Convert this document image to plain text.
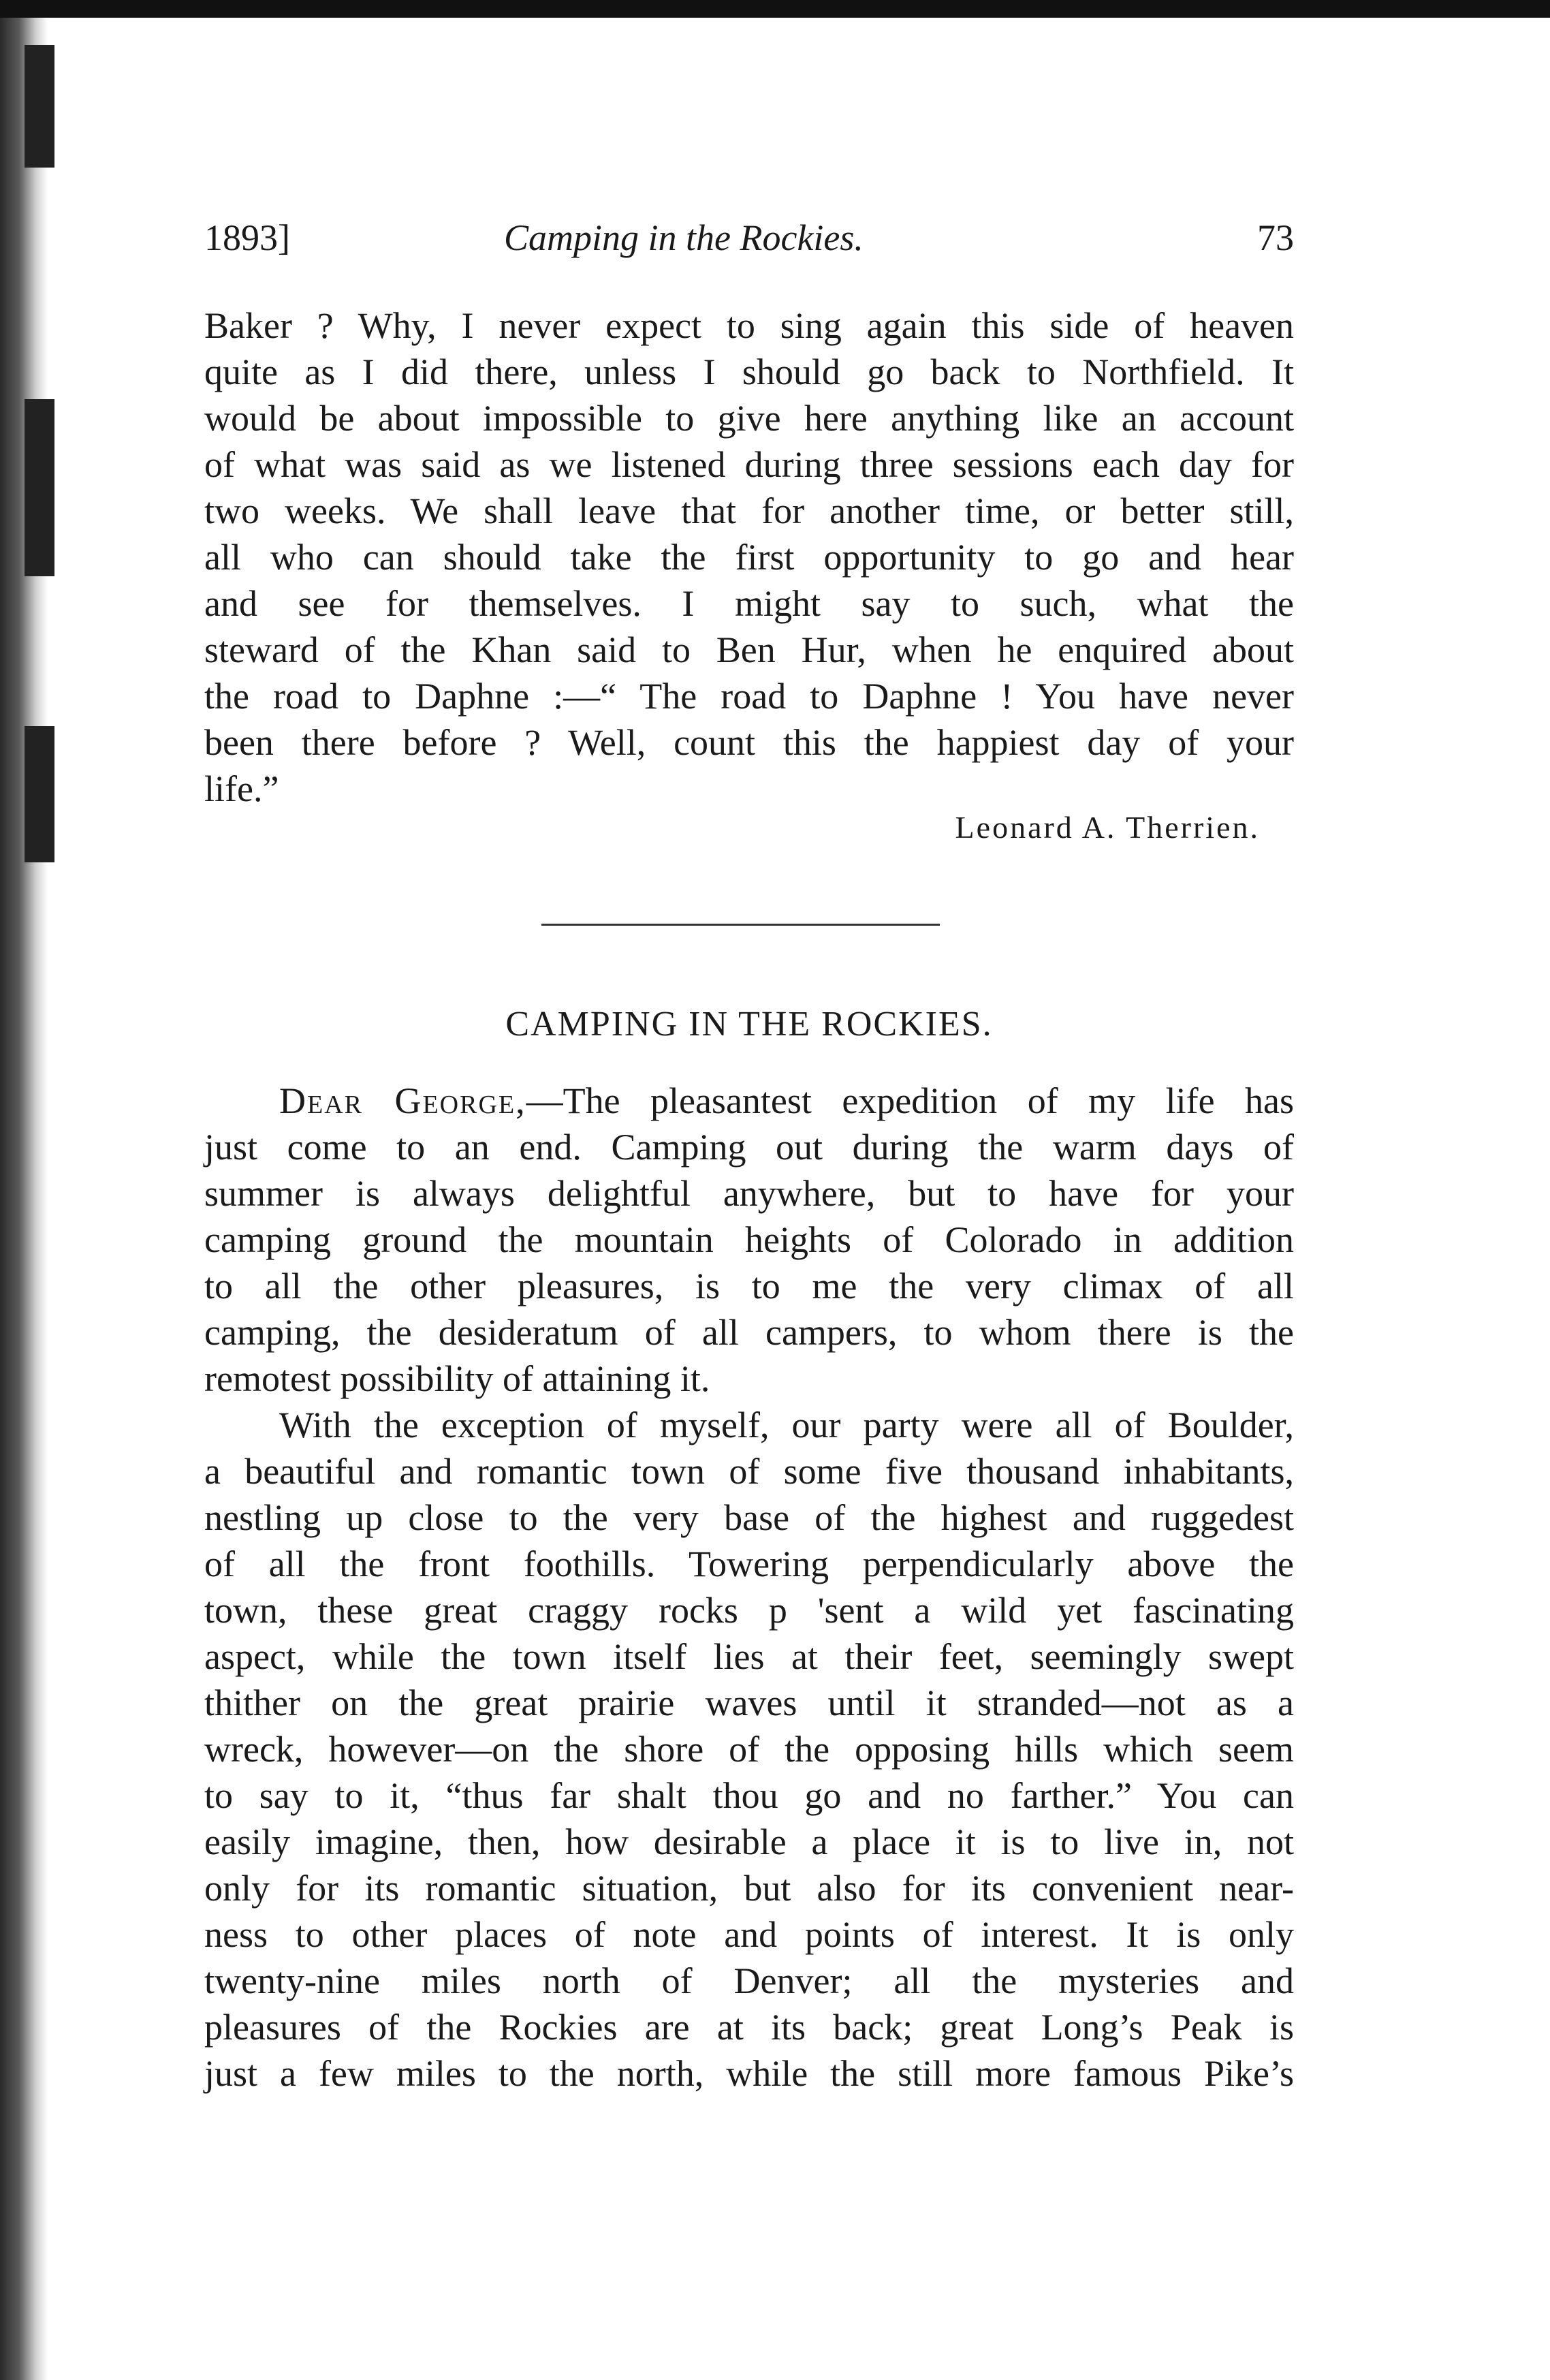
1893]	Camping in the Rockies.	73
Baker ? Why, I never expect to sing again this side of heaven
quite as I did there, unless I should go back to Northfield. It
would be about impossible to give here anything like an account
of what was said as we listened during three sessions each day for
two weeks. We shall leave that for another time, or better still,
all who can should take the first opportunity to go and hear
and see for themselves. I might say to such, what the
steward of the Khan said to Ben Hur, when he enquired about
the road to Daphne :—“ The road to Daphne ! You have never
been there before ? Well, count this the happiest day of your
life.”
Leonard A. Therrien.
CAMPING IN THE ROCKIES.
Dear George,—The pleasantest expedition of my life has
just come to an end. Camping out during the warm days of
summer is always delightful anywhere, but to have for your
camping ground the mountain heights of Colorado in addition
to all the other pleasures, is to me the very climax of all
camping, the desideratum of all campers, to whom there is the
remotest possibility of attaining it.
With the exception of myself, our party were all of Boulder,
a beautiful and romantic town of some five thousand inhabitants,
nestling up close to the very base of the highest and ruggedest
of all the front foothills. Towering perpendicularly above the
town, these great craggy rocks p 'sent a wild yet fascinating
aspect, while the town itself lies at their feet, seemingly swept
thither on the great prairie waves until it stranded—not as a
wreck, however—on the shore of the opposing hills which seem
to say to it, “thus far shalt thou go and no farther.” You can
easily imagine, then, how desirable a place it is to live in, not
only for its romantic situation, but also for its convenient near-
ness to other places of note and points of interest. It is only
twenty-nine miles north of Denver; all the mysteries and
pleasures of the Rockies are at its back; great Long’s Peak is
just a few miles to the north, while the still more famous Pike’s
